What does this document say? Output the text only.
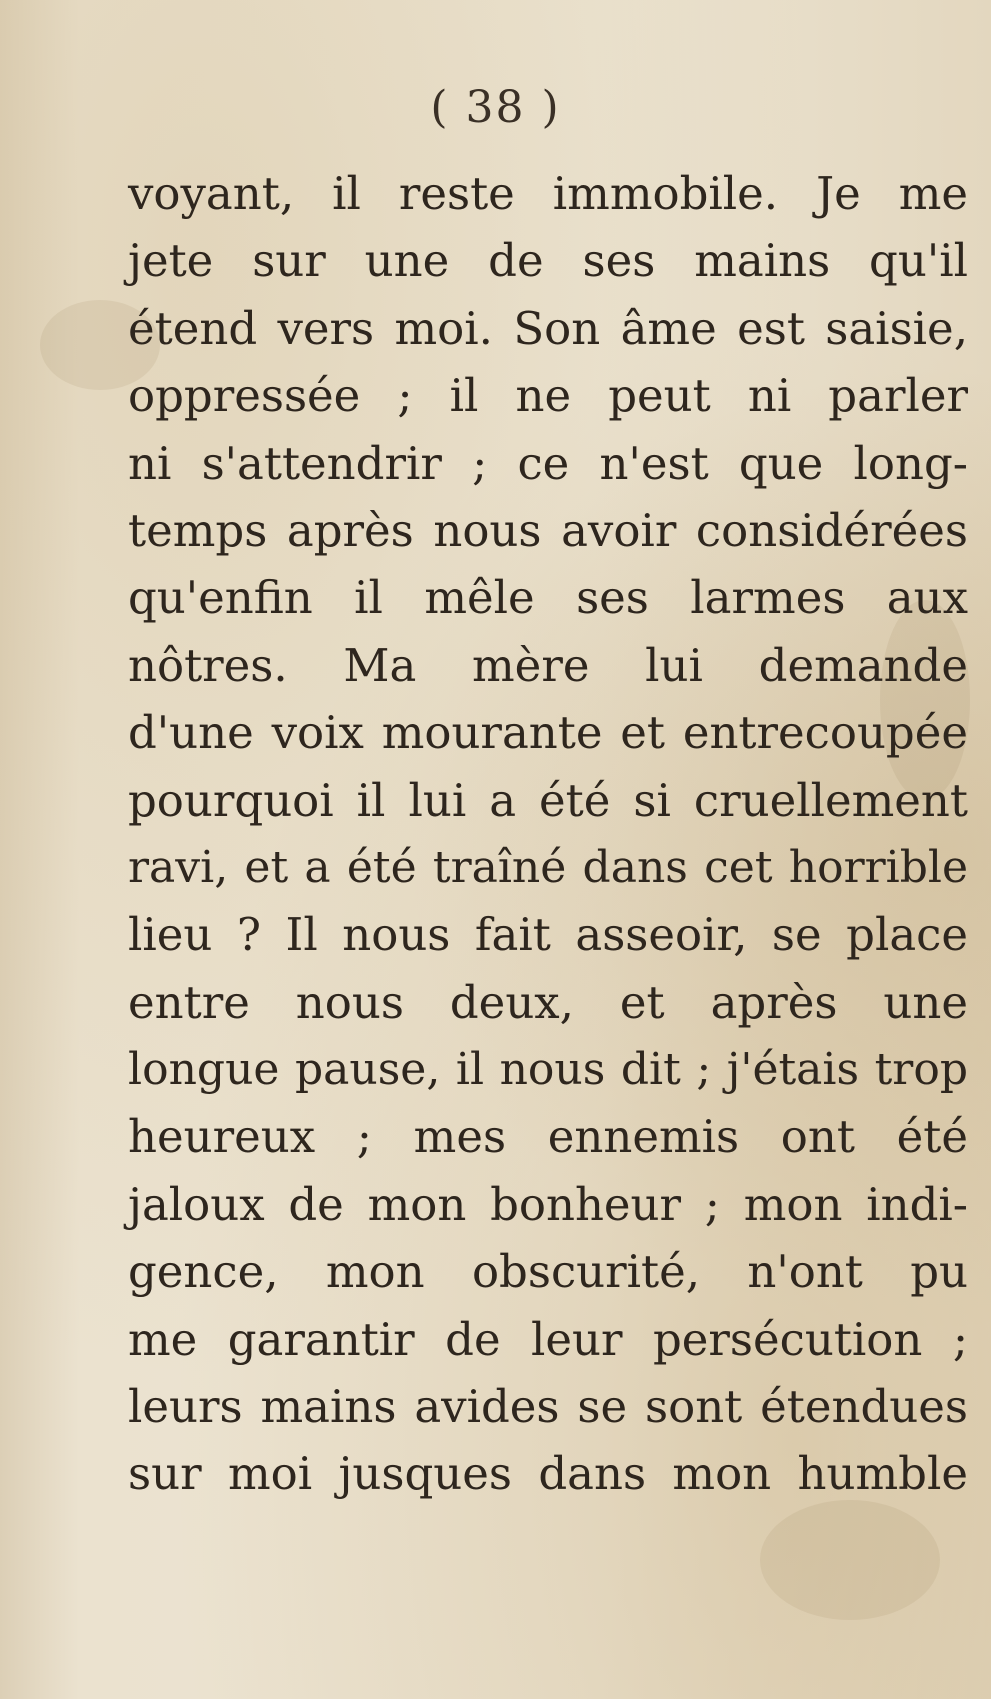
( 38 )
voyant, il reste immobile. Je me
jete sur une de ses mains qu'il
étend vers moi. Son âme est saisie,
oppressée ; il ne peut ni parler
ni s'attendrir ; ce n'est que long-
temps après nous avoir considérées
qu'enfin il mêle ses larmes aux
nôtres. Ma mère lui demande
d'une voix mourante et entrecoupée
pourquoi il lui a été si cruellement
ravi, et a été traîné dans cet horrible
lieu ? Il nous fait asseoir, se place
entre nous deux, et après une
longue pause, il nous dit ; j'étais trop
heureux ; mes ennemis ont été
jaloux de mon bonheur ; mon indi-
gence, mon obscurité, n'ont pu
me garantir de leur persécution ;
leurs mains avides se sont étendues
sur moi jusques dans mon humble
